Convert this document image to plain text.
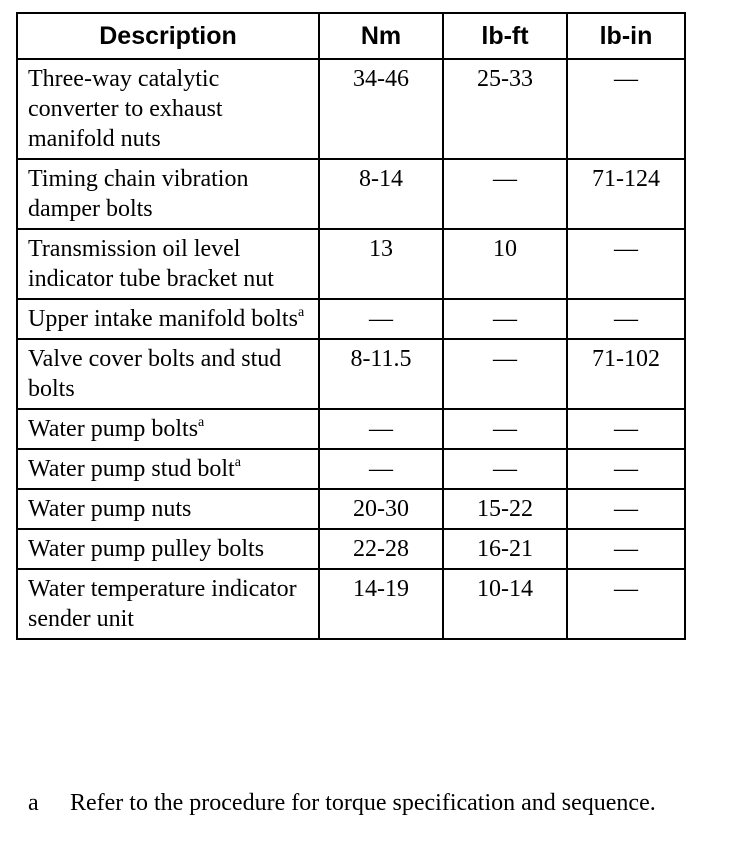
Description	Nm	lb-ft	lb-in
Three-way catalytic converter to exhaust manifold nuts	34-46	25-33	—
Timing chain vibration damper bolts	8-14	—	71-124
Transmission oil level indicator tube bracket nut	13	10	—
Upper intake manifold bolts$^a$	—	—	—
Valve cover bolts and stud bolts	8-11.5	—	71-102
Water pump bolts$^a$	—	—	—
Water pump stud bolt$^a$	—	—	—
Water pump nuts	20-30	15-22	—
Water pump pulley bolts	22-28	16-21	—
Water temperature indicator sender unit	14-19	10-14	—
a	Refer to the procedure for torque specification and sequence.
